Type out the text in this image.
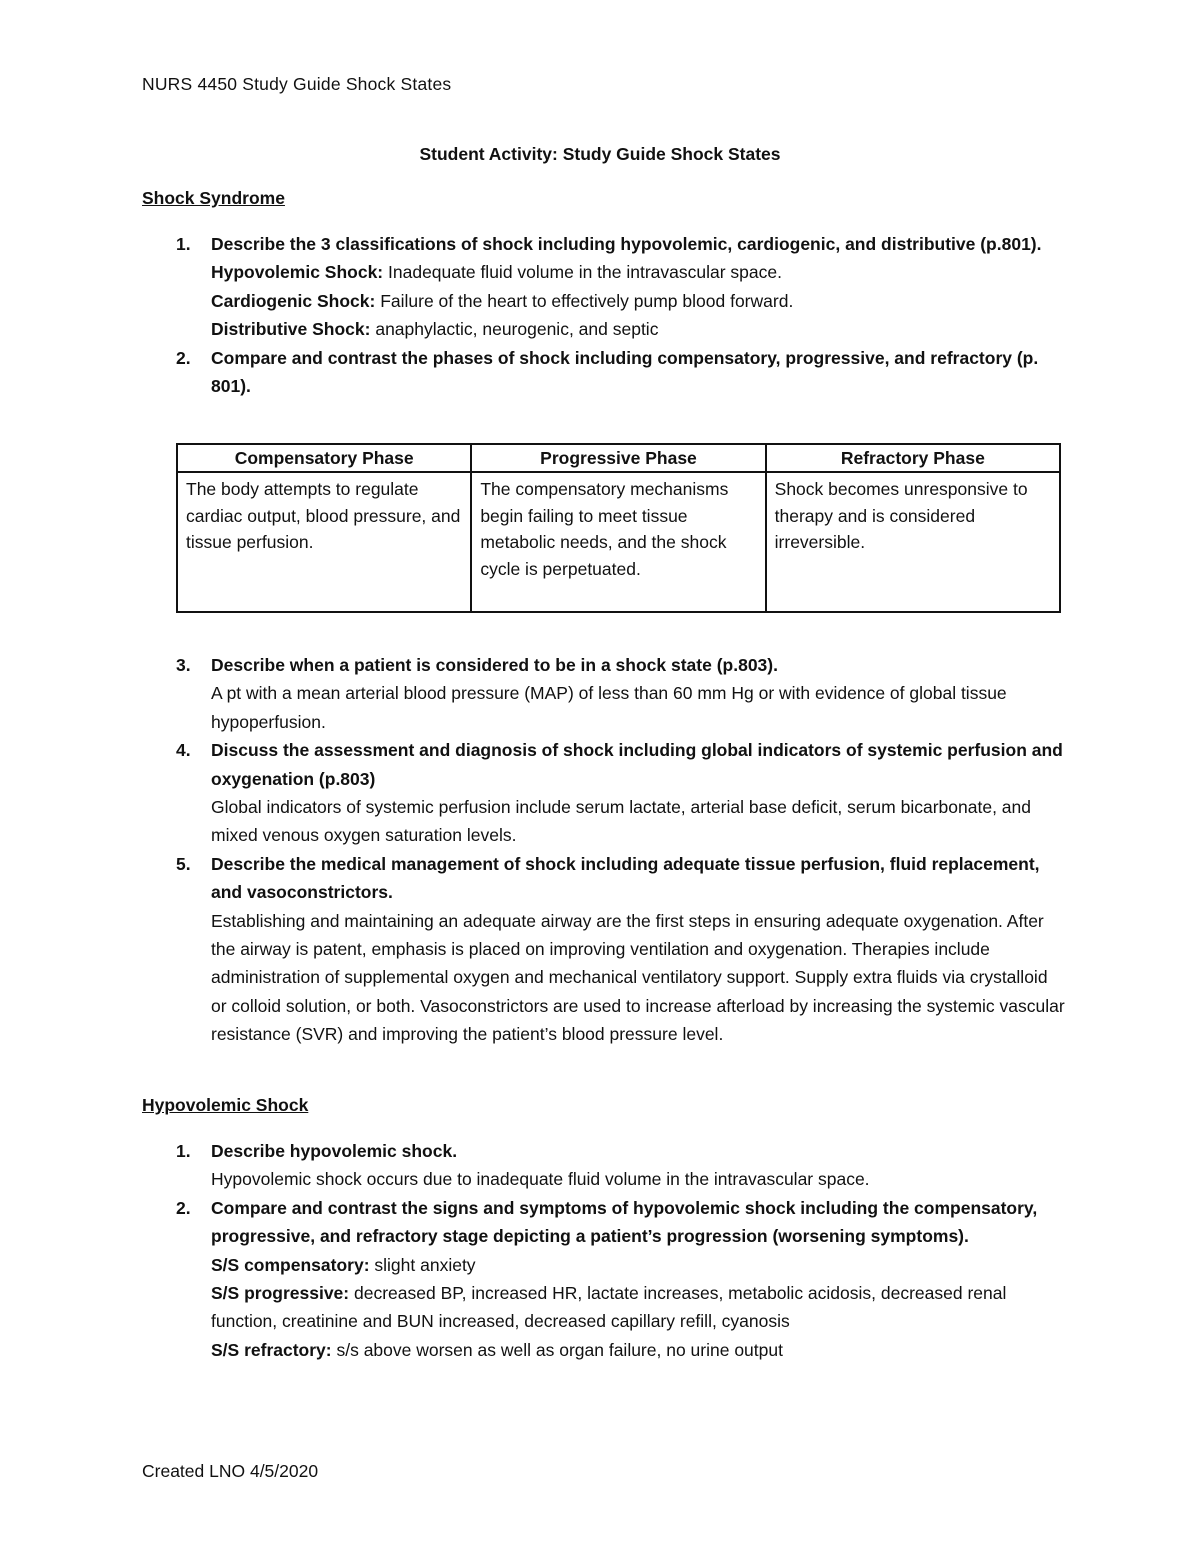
NURS 4450 Study Guide Shock States
Student Activity: Study Guide Shock States
Shock Syndrome
1. Describe the 3 classifications of shock including hypovolemic, cardiogenic, and distributive (p.801).
Hypovolemic Shock: Inadequate fluid volume in the intravascular space.
Cardiogenic Shock: Failure of the heart to effectively pump blood forward.
Distributive Shock: anaphylactic, neurogenic, and septic
2. Compare and contrast the phases of shock including compensatory, progressive, and refractory (p. 801).
Compensatory Phase	Progressive Phase	Refractory Phase
The body attempts to regulate cardiac output, blood pressure, and tissue perfusion.	The compensatory mechanisms begin failing to meet tissue metabolic needs, and the shock cycle is perpetuated.	Shock becomes unresponsive to therapy and is considered irreversible.
3. Describe when a patient is considered to be in a shock state (p.803).
A pt with a mean arterial blood pressure (MAP) of less than 60 mm Hg or with evidence of global tissue hypoperfusion.
4. Discuss the assessment and diagnosis of shock including global indicators of systemic perfusion and oxygenation (p.803)
Global indicators of systemic perfusion include serum lactate, arterial base deficit, serum bicarbonate, and mixed venous oxygen saturation levels.
5. Describe the medical management of shock including adequate tissue perfusion, fluid replacement, and vasoconstrictors.
Establishing and maintaining an adequate airway are the first steps in ensuring adequate oxygenation. After the airway is patent, emphasis is placed on improving ventilation and oxygenation. Therapies include administration of supplemental oxygen and mechanical ventilatory support. Supply extra fluids via crystalloid or colloid solution, or both. Vasoconstrictors are used to increase afterload by increasing the systemic vascular resistance (SVR) and improving the patient’s blood pressure level.
Hypovolemic Shock
1. Describe hypovolemic shock.
Hypovolemic shock occurs due to inadequate fluid volume in the intravascular space.
2. Compare and contrast the signs and symptoms of hypovolemic shock including the compensatory, progressive, and refractory stage depicting a patient’s progression (worsening symptoms).
S/S compensatory: slight anxiety
S/S progressive: decreased BP, increased HR, lactate increases, metabolic acidosis, decreased renal function, creatinine and BUN increased, decreased capillary refill, cyanosis
S/S refractory: s/s above worsen as well as organ failure, no urine output
Created LNO 4/5/2020
